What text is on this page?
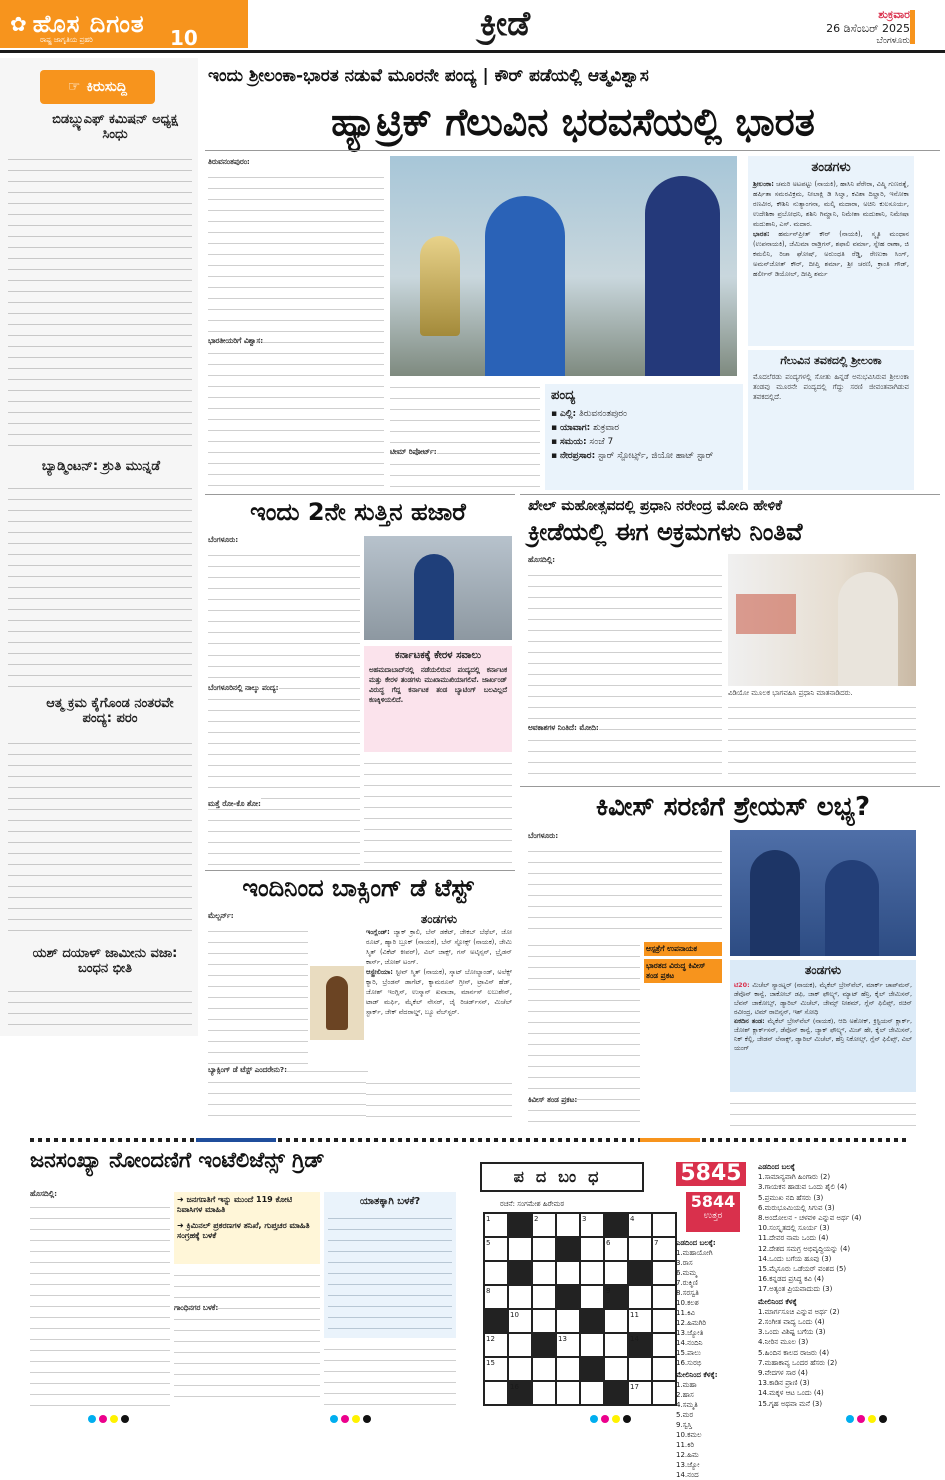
✿ ಹೊಸ ದಿಗಂತ
ರಾಷ್ಟ್ರ ಜಾಗೃತಿಯ ಪ್ರಹರಿ	10	ಕ್ರೀಡೆ	ಶುಕ್ರವಾರ
26 ಡಿಸೆಂಬರ್ 2025
ಬೆಂಗಳೂರು
☞ ಕಿರುಸುದ್ದಿ
ಬಿಡಬ್ಲ್ಯುಎಫ್ ಕಮಿಷನ್ ಅಧ್ಯಕ್ಷ ಸಿಂಧು
ಬ್ಯಾಡ್ಮಿಂಟನ್: ಶ್ರುತಿ ಮುನ್ನಡೆ
ಆತ್ಮ ಕ್ರಮ ಕೈಗೊಂಡ ನಂತರವೇ ಪಂದ್ಯ: ಪರಂ
ಯಶ್ ದಯಾಳ್ ಜಾಮೀನು ವಜಾ: ಬಂಧನ ಭೀತಿ
ಇಂದು ಶ್ರೀಲಂಕಾ-ಭಾರತ ನಡುವೆ ಮೂರನೇ ಪಂದ್ಯ | ಕೌರ್ ಪಡೆಯಲ್ಲಿ ಆತ್ಮವಿಶ್ವಾಸ
ಹ್ಯಾಟ್ರಿಕ್ ಗೆಲುವಿನ ಭರವಸೆಯಲ್ಲಿ ಭಾರತ
ತಿರುವನಂತಪುರಂ:
ಭಾರತೀಯರಿಗೆ ವಿಶ್ವಾಸ:
ಟೀಮ್ ರಿಪೋರ್ಟ್:
ಪಂದ್ಯ
▪ ಎಲ್ಲಿ: ತಿರುವನಂತಪುರಂ
▪ ಯಾವಾಗ: ಶುಕ್ರವಾರ
▪ ಸಮಯ: ಸಂಜೆ 7
▪ ನೇರಪ್ರಸಾರ: ಸ್ಟಾರ್ ಸ್ಪೋರ್ಟ್ಸ್, ಜಿಯೋ ಹಾಟ್ ಸ್ಟಾರ್
ತಂಡಗಳು
ಶ್ರೀಲಂಕಾ: ಚಮರಿ ಅಟಪಟ್ಟು (ನಾಯಕಿ), ಹಾಸಿನಿ ಪೆರೇರಾ, ವಿಷ್ಮಿ ಗುಣರತ್ನೆ, ಹರ್ಷಿತಾ ಸಮರವಿಕ್ರಮ, ನೀಲಾಕ್ಷಿ ಡಿ ಸಿಲ್ವಾ, ಕವಿಶಾ ದಿಲ್ಹಾರಿ, ಇನೋಕಾ ರಣವೀರ, ಕೌಶಿನಿ ನುತ್ಯಾಂಗನಾ, ಮಲ್ಕಿ ಮದಾರಾ, ಅಚಿನಿ ಕುಲಸೂರ್ಯ, ಉದೇಶಿಕಾ ಪ್ರಬೋಧನಿ, ಶಶಿನಿ ಗಿಮ್ಹಾನಿ, ನಿಮೇಶಾ ಮದುಶಾನಿ, ನಿಮೇಷಾ ಮದುಶಾನಿ, ಎಸ್. ಮದಾರ.
ಭಾರತ: ಹರ್ಮನ್‌ಪ್ರೀತ್ ಕೌರ್ (ನಾಯಕಿ), ಸ್ಮೃತಿ ಮಂಧಾನ (ಉಪನಾಯಕಿ), ಜೆಮಿಮಾ ರಾಡ್ರಿಗಸ್, ಶಫಾಲಿ ವರ್ಮಾ, ಸ್ನೇಹ ರಾಣಾ, ಜಿ ಕಮಲಿನಿ, ರಿಚಾ ಘೋಷ್, ಅರುಂಧತಿ ರೆಡ್ಡಿ, ರೇಣುಕಾ ಸಿಂಗ್, ಅಮನ್‌ಜೋತ್ ಕೌರ್, ದೀಪ್ತಿ ಶರ್ಮಾ, ಶ್ರೀ ಚರಣಿ, ಕ್ರಾಂತಿ ಗೌಡ್, ಹರ್ಲೀನ್ ಡಿಯೋಲ್, ದೀಪ್ತಿ ಶರ್ಮ
ಗೆಲುವಿನ ತವಕದಲ್ಲಿ ಶ್ರೀಲಂಕಾ
ಮೊದಲೆರಡು ಪಂದ್ಯಗಳಲ್ಲಿ ಸೋತು ಹಿನ್ನಡೆ ಅನುಭವಿಸಿರುವ ಶ್ರೀಲಂಕಾ ತಂಡವು ಮೂರನೇ ಪಂದ್ಯದಲ್ಲಿ ಗೆದ್ದು ಸರಣಿ ಜೀವಂತವಾಗಿಡುವ ತವಕದಲ್ಲಿದೆ.
ಇಂದು 2ನೇ ಸುತ್ತಿನ ಹಜಾರೆ
ಬೆಂಗಳೂರು:
ಬೆಂಗಳೂರಿನಲ್ಲಿ ನಾಲ್ಕು ಪಂದ್ಯ:
ಮತ್ತೆ ರೋ-ಕೊ ಶೋ:
ಕರ್ನಾಟಕಕ್ಕೆ ಕೇರಳ ಸವಾಲು
ಅಹಮದಾಬಾದ್‌ನಲ್ಲಿ ನಡೆಯಲಿರುವ ಪಂದ್ಯದಲ್ಲಿ ಕರ್ನಾಟಕ ಮತ್ತು ಕೇರಳ ತಂಡಗಳು ಮುಖಾಮುಖಿಯಾಗಲಿವೆ. ಜಾರ್ಖಂಡ್ ವಿರುದ್ಧ ಗೆದ್ದ ಕರ್ನಾಟಕ ತಂಡ ಬ್ಯಾಟಿಂಗ್ ಬಲವಿಲ್ಲದೆ ಕಣಕ್ಕಿಳಿಯಲಿದೆ.
ಇಂದಿನಿಂದ ಬಾಕ್ಸಿಂಗ್ ಡೆ ಟೆಸ್ಟ್
ಮೆಲ್ಬರ್ನ್:
ಬ್ಯಾಕ್ಸಿಂಗ್ ಡೆ ಟೆಸ್ಟ್ ಎಂದರೇನು?:
ತಂಡಗಳು
ಇಂಗ್ಲೆಂಡ್: ಜ್ಯಾಕ್ ಕ್ರಾಲಿ, ಬೆನ್ ಡಕೆಟ್, ಜೇಕಬ್ ಬೆಥೆಲ್, ಜೋ ರೂಟ್, ಹ್ಯಾರಿ ಬ್ರೂಕ್ (ನಾಯಕ), ಬೆನ್ ಸ್ಟೋಕ್ಸ್ (ನಾಯಕ), ಜೇಮಿ ಸ್ಮಿತ್ (ವಿಕೆಟ್ ಕೀಪರ್), ವಿಲ್ ಜಾಕ್ಸ್, ಗಸ್ ಅಟ್ಕಿನ್ಸನ್, ಬ್ರೈಡನ್ ಕಾರ್ಸ್, ಜೋಶ್ ಟಂಗ್.
ಆಸ್ಟ್ರೇಲಿಯಾ: ಸ್ಟೀವ್ ಸ್ಮಿತ್ (ನಾಯಕ), ಸ್ಕಾಟ್ ಬೋಲ್ಯಾಂಡ್, ಅಲೆಕ್ಸ್ ಕ್ಯಾರಿ, ಬ್ರೆಂಡನ್ ಡಾಗೆಟ್, ಕ್ಯಾಮರೂನ್ ಗ್ರೀನ್, ಟ್ರಾವಿಸ್ ಹೆಡ್, ಜೋಶ್ ಇಂಗ್ಲಿಸ್, ಉಸ್ಮಾನ್ ಖವಾಜಾ, ಮಾರ್ನಸ್ ಲಬುಶೇನ್, ಟಾಡ್ ಮರ್ಫಿ, ಮೈಕೆಲ್ ನೇಸರ್, ಜೈ ರಿಚರ್ಡ್‌ಸನ್, ಮಿಚೆಲ್ ಸ್ಟಾರ್ಕ್, ಜೇಕ್ ವೆದರಾಲ್ಡ್, ಬ್ಯೂ ವೆಬ್‌ಸ್ಟರ್.
ಖೇಲ್ ಮಹೋತ್ಸವದಲ್ಲಿ ಪ್ರಧಾನಿ ನರೇಂದ್ರ ಮೋದಿ ಹೇಳಿಕೆ
ಕ್ರೀಡೆಯಲ್ಲಿ ಈಗ ಅಕ್ರಮಗಳು ನಿಂತಿವೆ
ಹೊಸದಿಲ್ಲಿ:
ಅವಕಾಶಗಳ ನಿಂತಿದೆ: ಮೋದಿ:
ವಿಡಿಯೋ ಮೂಲಕ ಭಾಗವಹಿಸಿ ಪ್ರಧಾನಿ ಮಾತನಾಡಿದರು.
ಕಿವೀಸ್ ಸರಣಿಗೆ ಶ್ರೇಯಸ್ ಲಭ್ಯ?
ಬೆಂಗಳೂರು:
ಕಿವೀಸ್ ತಂಡ ಪ್ರಕಟ:
ಆಸ್ಪತ್ರೆಗೆ ಉಪನಾಯಕ
ಭಾರತದ ವಿರುದ್ಧ ಕಿವೀಸ್ ತಂಡ ಪ್ರಕಟ	ತಂಡಗಳು
ಟಿ20: ಮಿಚೆಲ್ ಸ್ಯಾಂಟ್ನರ್ (ನಾಯಕ), ಮೈಕೆಲ್ ಬ್ರೇಸ್‌ವೆಲ್, ಮಾರ್ಕ್ ಚಾಪ್‌ಮನ್, ಡೆವೊನ್ ಕಾನ್ವೆ, ಜಾಕೋಬ್ ಡಫಿ, ಜಾಕ್ ಫೌಲ್ಕ್ಸ್, ಮ್ಯಾಟ್ ಹೆನ್ರಿ, ಕೈಲ್ ಜೇಮಿಸನ್, ಬೆವನ್ ಜಾಕೋಬ್ಸ್, ಡ್ಯಾರಿಲ್ ಮಿಚೆಲ್, ಜೇಮ್ಸ್ ನೀಶಮ್, ಗ್ಲೆನ್ ಫಿಲಿಪ್ಸ್, ರಚಿನ್ ರವೀಂದ್ರ, ಟಿಮ್ ರಾಬಿನ್ಸನ್, ಇಶ್ ಸೋಧಿ
ಏಕದಿನ ತಂಡ: ಮೈಕೆಲ್ ಬ್ರೇಸ್‌ವೆಲ್ (ನಾಯಕ), ಆದಿ ಅಶೋಕ್, ಕ್ರಿಸ್ಟಿಯನ್ ಕ್ಲಾರ್ಕ್, ಜೋಶ್ ಕ್ಲಾರ್ಕ್‌ಸನ್, ಡೆವೊನ್ ಕಾನ್ವೆ, ಜ್ಯಾಕ್ ಫೌಲ್ಕ್ಸ್, ಮಿಚ್ ಹೇ, ಕೈಲ್ ಜೇಮಿಸನ್, ನಿಕ್ ಕೆಲ್ಲಿ, ಜೇಡನ್ ಲೆನಾಕ್ಸ್, ಡ್ಯಾರಿಲ್ ಮಿಚೆಲ್, ಹೆನ್ರಿ ನಿಕೋಲ್ಸ್, ಗ್ಲೆನ್ ಫಿಲಿಪ್ಸ್, ವಿಲ್ ಯಂಗ್
ಜನಸಂಖ್ಯಾ ನೋಂದಣಿಗೆ ಇಂಟೆಲಿಜೆನ್ಸ್ ಗ್ರಿಡ್
ಹೊಸದಿಲ್ಲಿ:
➜ ಜನಗಣತಿಗೆ ಇನ್ನು ಮುಂದೆ 119 ಕೋಟಿ ನಿವಾಸಿಗಳ ಮಾಹಿತಿ
➜ ಕ್ರಿಮಿನಲ್ ಪ್ರಕರಣಗಳ ತನಿಖೆ, ಗುಪ್ತಚರ ಮಾಹಿತಿ ಸಂಗ್ರಹಕ್ಕೆ ಬಳಕೆ
ಗಾಂಧಿನಗರ ಬಳಕೆ:
ಯಾತಕ್ಕಾಗಿ ಬಳಕೆ?
ಪದಬಂಧ	5845
5844
ಉತ್ತರ
ರಚನೆ: ಸಂಗಮೇಶ ಹಿರೇಮಠ
1	2	3	4
5	6	7
8	9
10	11
12	13	14
15
16	17
ಎಡದಿಂದ ಬಲಕ್ಕೆ:
1.ಮಹಾಯೋಗಿ
3.ರಾಸ
6.ಮಮ್ಮ
7.ರುಕ್ಮಿಣಿ
8.ಸರಸ್ವತಿ
10.ಕಲಶ
11.ಕಿವಿ
12.ಹಿಮಗಿರಿ
13.ಜ್ಯೋತಿ
14.ನಂದಿನಿ
15.ಪಾಲು
16.ಸುರಭಿ
ಮೇಲಿನಿಂದ ಕೆಳಕ್ಕೆ:
1.ಮಹಾ
2.ಹಾಸ
4.ಸಮ್ಮತಿ
5.ಮರ
9.ಸ್ವಸ್ತಿ
10.ಕಮಲ
11.ಕಿರಿ
12.ಹಿಮ
13.ಜ್ಯೋ
14.ನಂದ
ಎಡದಿಂದ ಬಲಕ್ಕೆ
1.ಸಾಮಾನ್ಯವಾಗಿ ಹಿಂಗಾರು (2)
3.ಗಾಯಕನ ಹಾಡುವ ಒಂದು ಶೈಲಿ (4)
5.ಪ್ರಮುಖ ನದಿ ಹೆಸರು (3)
6.ಮರುಭೂಮಿಯಲ್ಲಿ ಸಿಗುವ (3)
8.ಅಂದೋಲನ - ಚಳವಳಿ ಎನ್ನುವ ಅರ್ಥ (4)
10.ಸಂಸ್ಕೃತದಲ್ಲಿ ಸೂರ್ಯ (3)
11.ದೇವರ ನಾಮ ಒಂದು (4)
12.ದೇಶದ ಸಮಗ್ರ ಅಭಿವೃದ್ಧಿಯನ್ನು (4)
14.ಒಂದು ಬಗೆಯ ಹೂವು (3)
15.ಮೈಸೂರು ಒಡೆಯರ್ ವಂಶದ (5)
16.ಕನ್ನಡದ ಪ್ರಸಿದ್ಧ ಕವಿ (4)
17.ಅತ್ಯಂತ ಪ್ರಿಯವಾದುದು (3)
ಮೇಲಿನಿಂದ ಕೆಳಕ್ಕೆ
1.ಮಾರ್ಗಸೂಚಿ ಎನ್ನುವ ಅರ್ಥ (2)
2.ಸಂಗೀತ ವಾದ್ಯ ಒಂದು (4)
3.ಒಂದು ವಿಶಿಷ್ಟ ಬಗೆಯ (3)
4.ನೀರಿನ ಮೂಲ (3)
5.ಹಿಂದಿನ ಕಾಲದ ರಾಜರು (4)
7.ಮಹಾಕಾವ್ಯ ಒಂದರ ಹೆಸರು (2)
9.ವೇದಗಳ ಸಾರ (4)
13.ಕಾಡಿನ ಪ್ರಾಣಿ (3)
14.ಮಕ್ಕಳ ಆಟ ಒಂದು (4)
15.ಗೃಹ ಅಥವಾ ಮನೆ (3)
